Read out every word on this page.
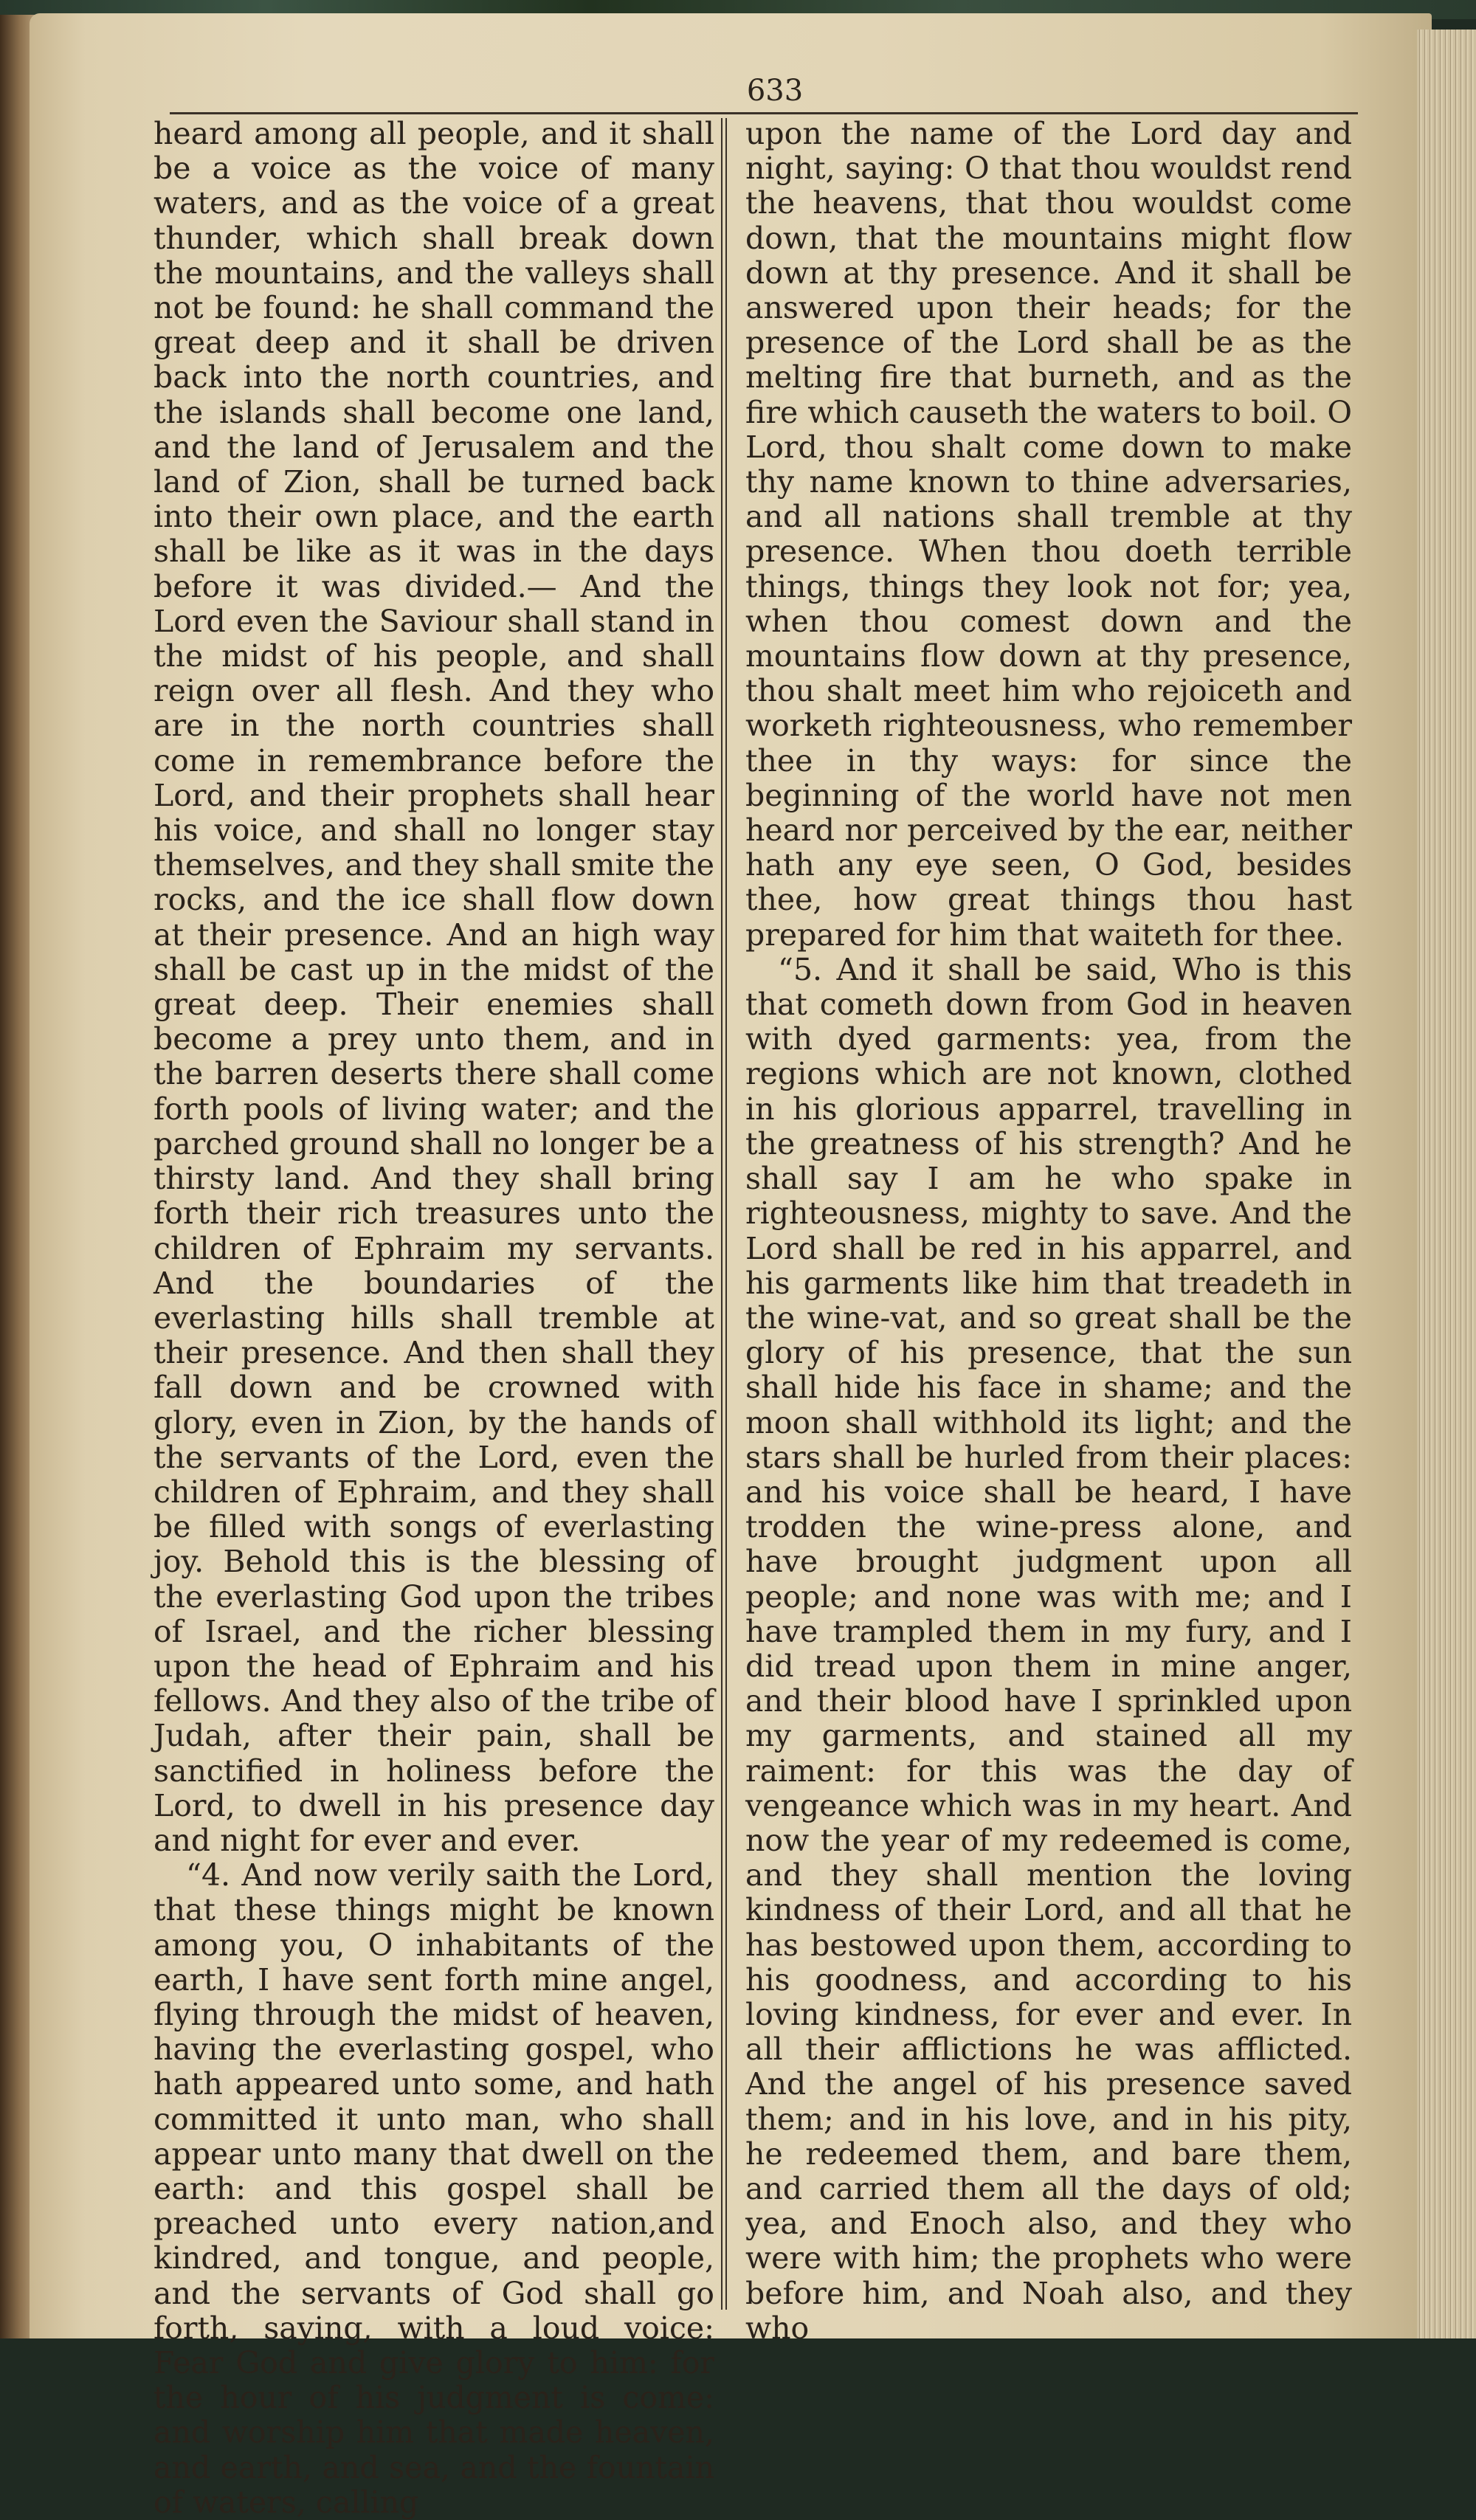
633

heard among all people, and it shall be a voice as the voice of many waters, and as the voice of a great thunder, which shall break down the mountains, and the valleys shall not be found: he shall command the great deep and it shall be driven back into the north countries, and the islands shall become one land, and the land of Jerusalem and the land of Zion, shall be turned back into their own place, and the earth shall be like as it was in the days before it was divided.— And the Lord even the Saviour shall stand in the midst of his people, and shall reign over all flesh. And they who are in the north countries shall come in remembrance before the Lord, and their prophets shall hear his voice, and shall no longer stay themselves, and they shall smite the rocks, and the ice shall flow down at their presence. And an high way shall be cast up in the midst of the great deep. Their enemies shall become a prey unto them, and in the barren deserts there shall come forth pools of living water; and the parched ground shall no longer be a thirsty land. And they shall bring forth their rich treasures unto the children of Ephraim my servants. And the boundaries of the everlasting hills shall tremble at their presence. And then shall they fall down and be crowned with glory, even in Zion, by the hands of the servants of the Lord, even the children of Ephraim, and they shall be filled with songs of everlasting joy. Behold this is the blessing of the everlasting God upon the tribes of Israel, and the richer blessing upon the head of Ephraim and his fellows. And they also of the tribe of Judah, after their pain, shall be sanctified in holiness before the Lord, to dwell in his presence day and night for ever and ever.

“4. And now verily saith the Lord, that these things might be known among you, O inhabitants of the earth, I have sent forth mine angel, flying through the midst of heaven, having the everlasting gospel, who hath appeared unto some, and hath committed it unto man, who shall appear unto many that dwell on the earth: and this gospel shall be preached unto every nation,and kindred, and tongue, and people, and the servants of God shall go forth, saying, with a loud voice: Fear God and give glory to him: for the hour of his judgment is come: and worship him that made heaven, and earth, and sea, and the fountain of waters, calling

upon the name of the Lord day and night, saying: O that thou wouldst rend the heavens, that thou wouldst come down, that the mountains might flow down at thy presence. And it shall be answered upon their heads; for the presence of the Lord shall be as the melting fire that burneth, and as the fire which causeth the waters to boil. O Lord, thou shalt come down to make thy name known to thine adversaries, and all nations shall tremble at thy presence. When thou doeth terrible things, things they look not for; yea, when thou comest down and the mountains flow down at thy presence, thou shalt meet him who rejoiceth and worketh righteousness, who remember thee in thy ways: for since the beginning of the world have not men heard nor perceived by the ear, neither hath any eye seen, O God, besides thee, how great things thou hast prepared for him that waiteth for thee.

“5. And it shall be said, Who is this that cometh down from God in heaven with dyed garments: yea, from the regions which are not known, clothed in his glorious apparrel, travelling in the greatness of his strength? And he shall say I am he who spake in righteousness, mighty to save. And the Lord shall be red in his apparrel, and his garments like him that treadeth in the wine-vat, and so great shall be the glory of his presence, that the sun shall hide his face in shame; and the moon shall withhold its light; and the stars shall be hurled from their places: and his voice shall be heard, I have trodden the wine-press alone, and have brought judgment upon all people; and none was with me; and I have trampled them in my fury, and I did tread upon them in mine anger, and their blood have I sprinkled upon my garments, and stained all my raiment: for this was the day of vengeance which was in my heart. And now the year of my redeemed is come, and they shall mention the loving kindness of their Lord, and all that he has bestowed upon them, according to his goodness, and according to his loving kindness, for ever and ever. In all their afflictions he was afflicted. And the angel of his presence saved them; and in his love, and in his pity, he redeemed them, and bare them, and carried them all the days of old; yea, and Enoch also, and they who were with him; the prophets who were before him, and Noah also, and they who
